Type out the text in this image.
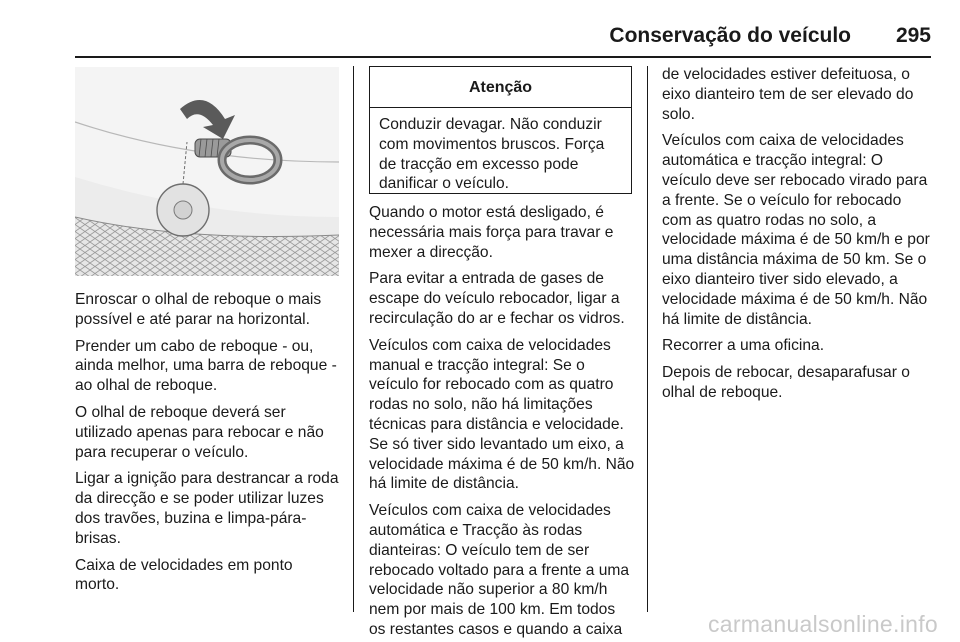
Conservação do veículo 295

Enroscar o olhal de reboque o mais possível e até parar na horizontal.

Prender um cabo de reboque - ou, ainda melhor, uma barra de reboque - ao olhal de reboque.

O olhal de reboque deverá ser utilizado apenas para rebocar e não para recuperar o veículo.

Ligar a ignição para destrancar a roda da direcção e se poder utilizar luzes dos travões, buzina e limpa-pára-brisas.

Caixa de velocidades em ponto morto.

Atenção
Conduzir devagar. Não conduzir com movimentos bruscos. Força de tracção em excesso pode danificar o veículo.

Quando o motor está desligado, é necessária mais força para travar e mexer a direcção.

Para evitar a entrada de gases de escape do veículo rebocador, ligar a recirculação do ar e fechar os vidros.

Veículos com caixa de velocidades manual e tracção integral: Se o veículo for rebocado com as quatro rodas no solo, não há limitações técnicas para distância e velocidade. Se só tiver sido levantado um eixo, a velocidade máxima é de 50 km/h. Não há limite de distância.

Veículos com caixa de velocidades automática e Tracção às rodas dianteiras: O veículo tem de ser rebocado voltado para a frente a uma velocidade não superior a 80 km/h nem por mais de 100 km. Em todos os restantes casos e quando a caixa

de velocidades estiver defeituosa, o eixo dianteiro tem de ser elevado do solo.

Veículos com caixa de velocidades automática e tracção integral: O veículo deve ser rebocado virado para a frente. Se o veículo for rebocado com as quatro rodas no solo, a velocidade máxima é de 50 km/h e por uma distância máxima de 50 km. Se o eixo dianteiro tiver sido elevado, a velocidade máxima é de 50 km/h. Não há limite de distância.

Recorrer a uma oficina.

Depois de rebocar, desaparafusar o olhal de reboque.

carmanualsonline.info
